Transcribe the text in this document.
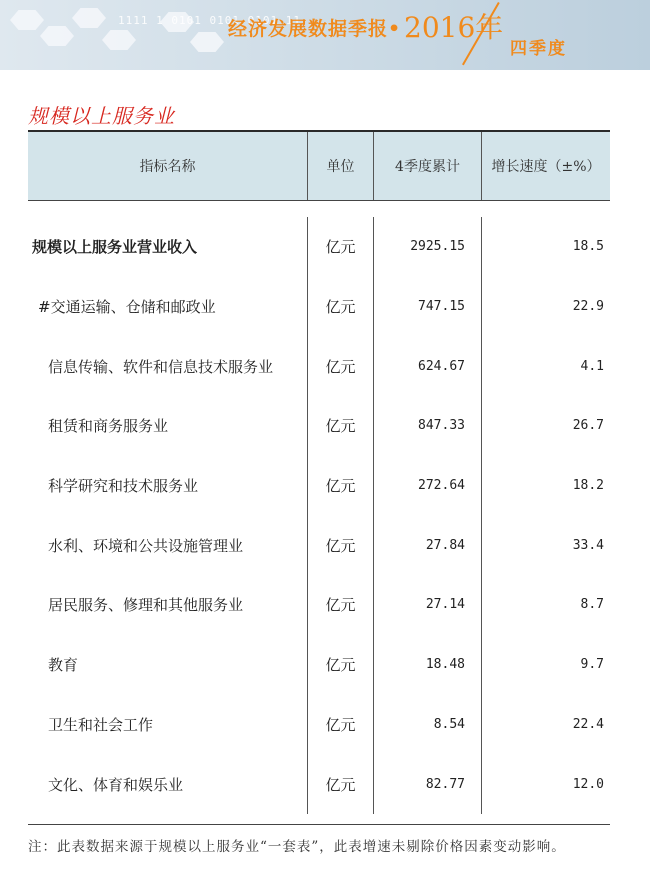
1111 1 0101 0101 0101 11
经济发展数据季报• 2016年
四季度
规模以上服务业
指标名称	单位	4季度累计	增长速度（±%）
规模以上服务业营业收入	亿元	2925.15	18.5
#交通运输、仓储和邮政业	亿元	747.15	22.9
信息传输、软件和信息技术服务业	亿元	624.67	4.1
租赁和商务服务业	亿元	847.33	26.7
科学研究和技术服务业	亿元	272.64	18.2
水利、环境和公共设施管理业	亿元	27.84	33.4
居民服务、修理和其他服务业	亿元	27.14	8.7
教育	亿元	18.48	9.7
卫生和社会工作	亿元	8.54	22.4
文化、体育和娱乐业	亿元	82.77	12.0
注：此表数据来源于规模以上服务业“一套表”，此表增速未剔除价格因素变动影响。
